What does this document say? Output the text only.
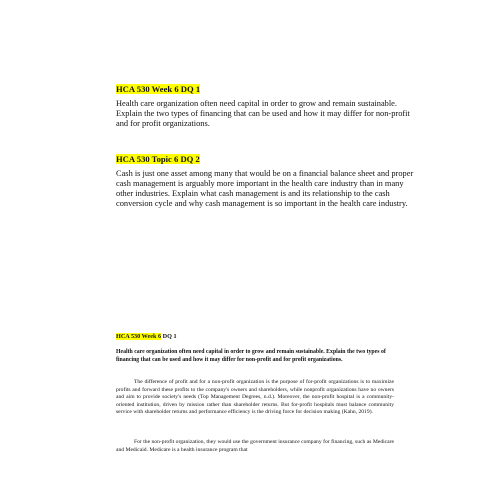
HCA 530 Week 6 DQ 1
Health care organization often need capital in order to grow and remain sustainable. Explain the two types of financing that can be used and how it may differ for non-profit and for profit organizations.
HCA 530 Topic 6 DQ 2
Cash is just one asset among many that would be on a financial balance sheet and proper cash management is arguably more important in the health care industry than in many other industries. Explain what cash management is and its relationship to the cash conversion cycle and why cash management is so important in the health care industry.
HCA 530 Week 6 DQ 1
Health care organization often need capital in order to grow and remain sustainable. Explain the two types of financing that can be used and how it may differ for non-profit and for profit organizations.
The difference of profit and for a non-profit organization is the purpose of for-profit organizations is to maximize profits and forward these profits to the company's owners and shareholders, while nonprofit organizations have no owners and aim to provide society's needs (Top Management Degrees, n.d.). Moreover, the non-profit hospital is a community-oriented institution, driven by mission rather than shareholder returns. But for-profit hospitals must balance community service with shareholder returns and performance efficiency is the driving force for decision making (Kahn, 2019).
For the non-profit organization, they would use the government insurance company for financing, such as Medicare and Medicaid. Medicare is a health insurance program that
